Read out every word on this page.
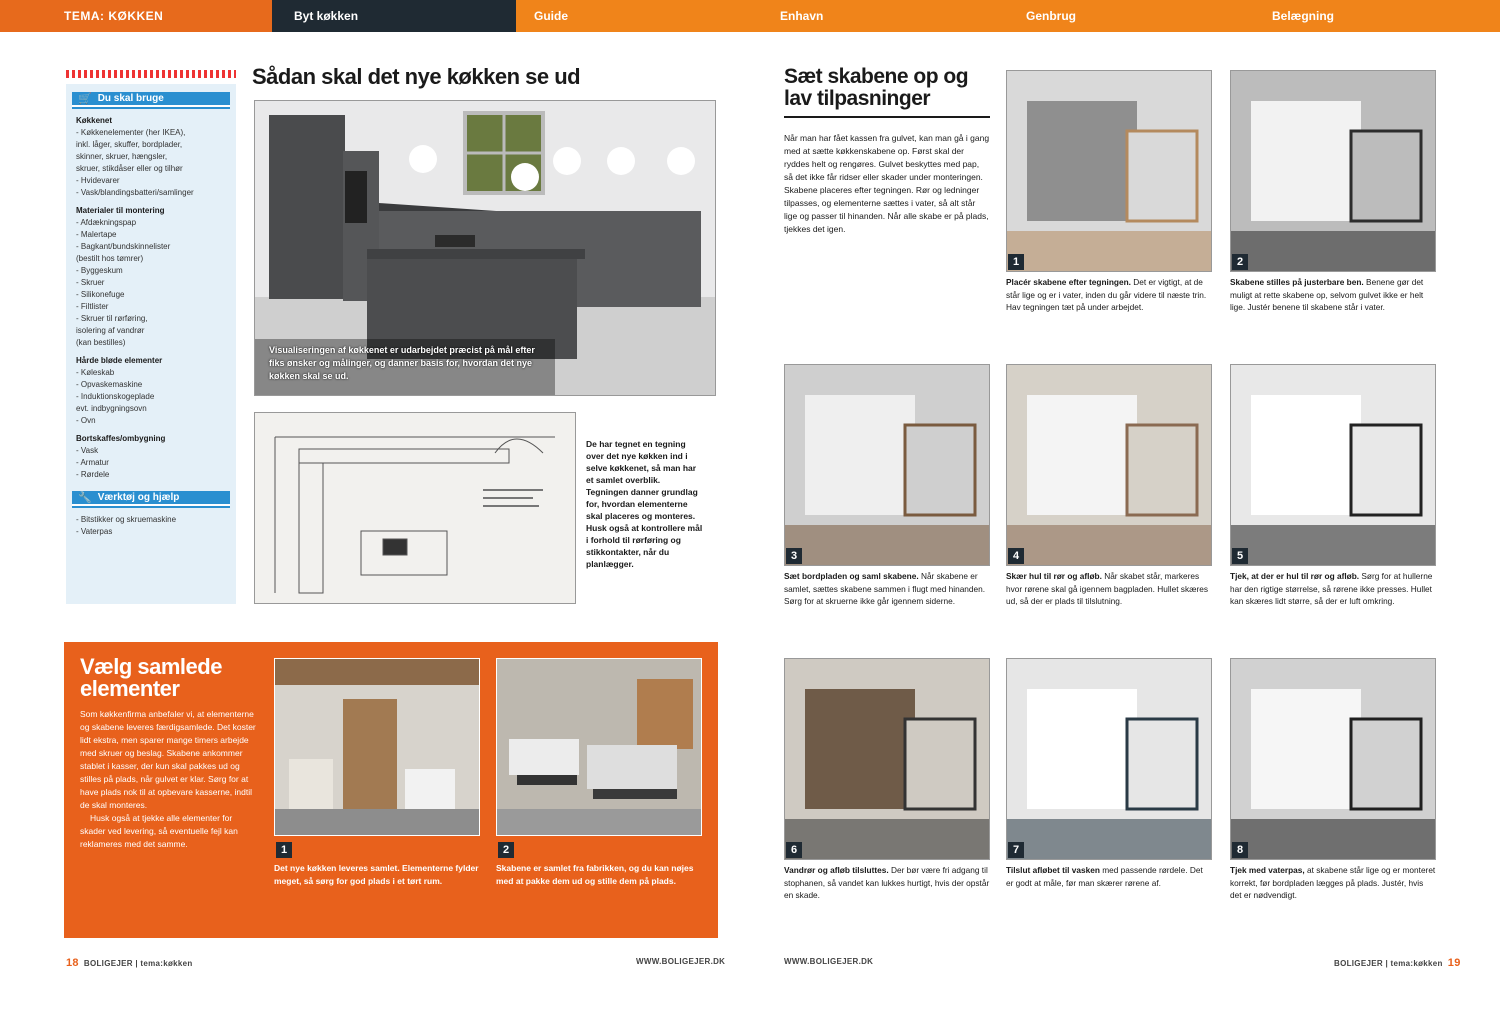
TEMA: KØKKEN	Byt køkken	Guide	Enhavn	Genbrug	Belægning
Sådan skal det nye køkken se ud
🛒 Du skal bruge
Køkkenet
- Køkkenelementer (her IKEA),
inkl. låger, skuffer, bordplader,
skinner, skruer, hængsler,
skruer, stikdåser eller og tilhør
- Hvidevarer
- Vask/blandingsbatteri/samlinger
Materialer til montering
- Afdækningspap
- Malertape
- Bagkant/bundskinnelister
(bestilt hos tømrer)
- Byggeskum
- Skruer
- Silikonefuge
- Filtlister
- Skruer til rørføring,
isolering af vandrør
(kan bestilles)
Hårde bløde elementer
- Køleskab
- Opvaskemaskine
- Induktionskogeplade
evt. indbygningsovn
- Ovn
Bortskaffes/ombygning
- Vask
- Armatur
- Rørdele
🔧 Værktøj og hjælp
- Bitstikker og skruemaskine
- Vaterpas
Visualiseringen af køkkenet er udarbejdet præcist på mål efter fiks ønsker og målinger, og danner basis for, hvordan det nye køkken skal se ud.
De har tegnet en tegning over det nye køkken ind i selve køkkenet, så man har et samlet overblik. Tegningen danner grundlag for, hvordan elementerne skal placeres og monteres. Husk også at kontrollere mål i forhold til rørføring og stikkontakter, når du planlægger.
Vælg samlede elementer
Som køkkenfirma anbefaler vi, at elementerne og skabene leveres færdigsamlede. Det koster lidt ekstra, men sparer mange timers arbejde med skruer og beslag. Skabene ankommer stablet i kasser, der kun skal pakkes ud og stilles på plads, når gulvet er klar. Sørg for at have plads nok til at opbevare kasserne, indtil de skal monteres.
Husk også at tjekke alle elementer for skader ved levering, så eventuelle fejl kan reklameres med det samme.	1
Det nye køkken leveres samlet. Elementerne fylder meget, så sørg for god plads i et tørt rum.
2
Skabene er samlet fra fabrikken, og du kan nøjes med at pakke dem ud og stille dem på plads.
18 BOLIGEJER | tema:køkken	WWW.BOLIGEJER.DK
Sæt skabene op og lav tilpasninger
Når man har fået kassen fra gulvet, kan man gå i gang med at sætte køkkenskabene op. Først skal der ryddes helt og rengøres. Gulvet beskyttes med pap, så det ikke får ridser eller skader under monteringen. Skabene placeres efter tegningen. Rør og ledninger tilpasses, og elementerne sættes i vater, så alt står lige og passer til hinanden. Når alle skabe er på plads, tjekkes det igen.
1
Placér skabene efter tegningen. Det er vigtigt, at de står lige og er i vater, inden du går videre til næste trin. Hav tegningen tæt på under arbejdet.
2
Skabene stilles på justerbare ben. Benene gør det muligt at rette skabene op, selvom gulvet ikke er helt lige. Justér benene til skabene står i vater.
3
Sæt bordpladen og saml skabene. Når skabene er samlet, sættes skabene sammen i flugt med hinanden. Sørg for at skruerne ikke går igennem siderne.
4
Skær hul til rør og afløb. Når skabet står, markeres hvor rørene skal gå igennem bagpladen. Hullet skæres ud, så der er plads til tilslutning.
5
Tjek, at der er hul til rør og afløb. Sørg for at hullerne har den rigtige størrelse, så rørene ikke presses. Hullet kan skæres lidt større, så der er luft omkring.
6
Vandrør og afløb tilsluttes. Der bør være fri adgang til stophanen, så vandet kan lukkes hurtigt, hvis der opstår en skade.
7
Tilslut afløbet til vasken med passende rørdele. Det er godt at måle, før man skærer rørene af.
8
Tjek med vaterpas, at skabene står lige og er monteret korrekt, før bordpladen lægges på plads. Justér, hvis det er nødvendigt.
WWW.BOLIGEJER.DK	BOLIGEJER | tema:køkken 19
